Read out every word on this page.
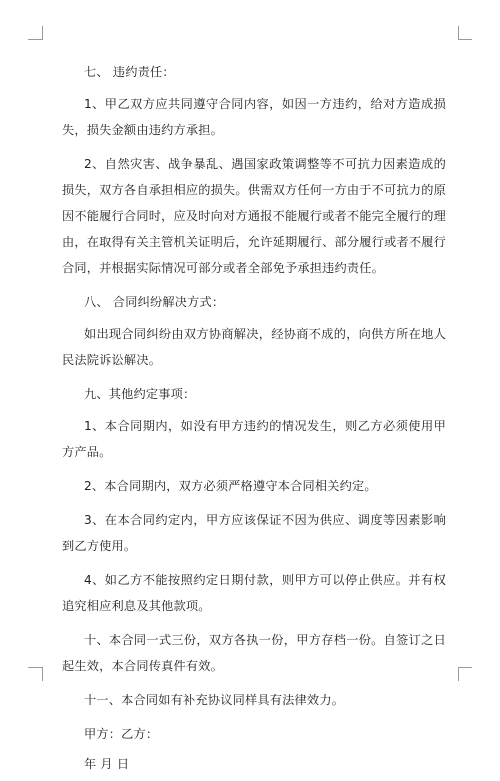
七、 违约责任：

1、甲乙双方应共同遵守合同内容，如因一方违约，给对方造成损失，损失金额由违约方承担。

2、自然灾害、战争暴乱、遇国家政策调整等不可抗力因素造成的损失，双方各自承担相应的损失。供需双方任何一方由于不可抗力的原因不能履行合同时，应及时向对方通报不能履行或者不能完全履行的理由，在取得有关主管机关证明后，允许延期履行、部分履行或者不履行合同，并根据实际情况可部分或者全部免予承担违约责任。

八、 合同纠纷解决方式：

如出现合同纠纷由双方协商解决，经协商不成的，向供方所在地人民法院诉讼解决。

九、其他约定事项：

1、本合同期内，如没有甲方违约的情况发生，则乙方必须使用甲方产品。

2、本合同期内，双方必须严格遵守本合同相关约定。

3、在本合同约定内，甲方应该保证不因为供应、调度等因素影响到乙方使用。

4、如乙方不能按照约定日期付款，则甲方可以停止供应。并有权追究相应利息及其他款项。

十、本合同一式三份，双方各执一份，甲方存档一份。自签订之日起生效，本合同传真件有效。

十一、本合同如有补充协议同样具有法律效力。

甲方：乙方：

年 月 日
